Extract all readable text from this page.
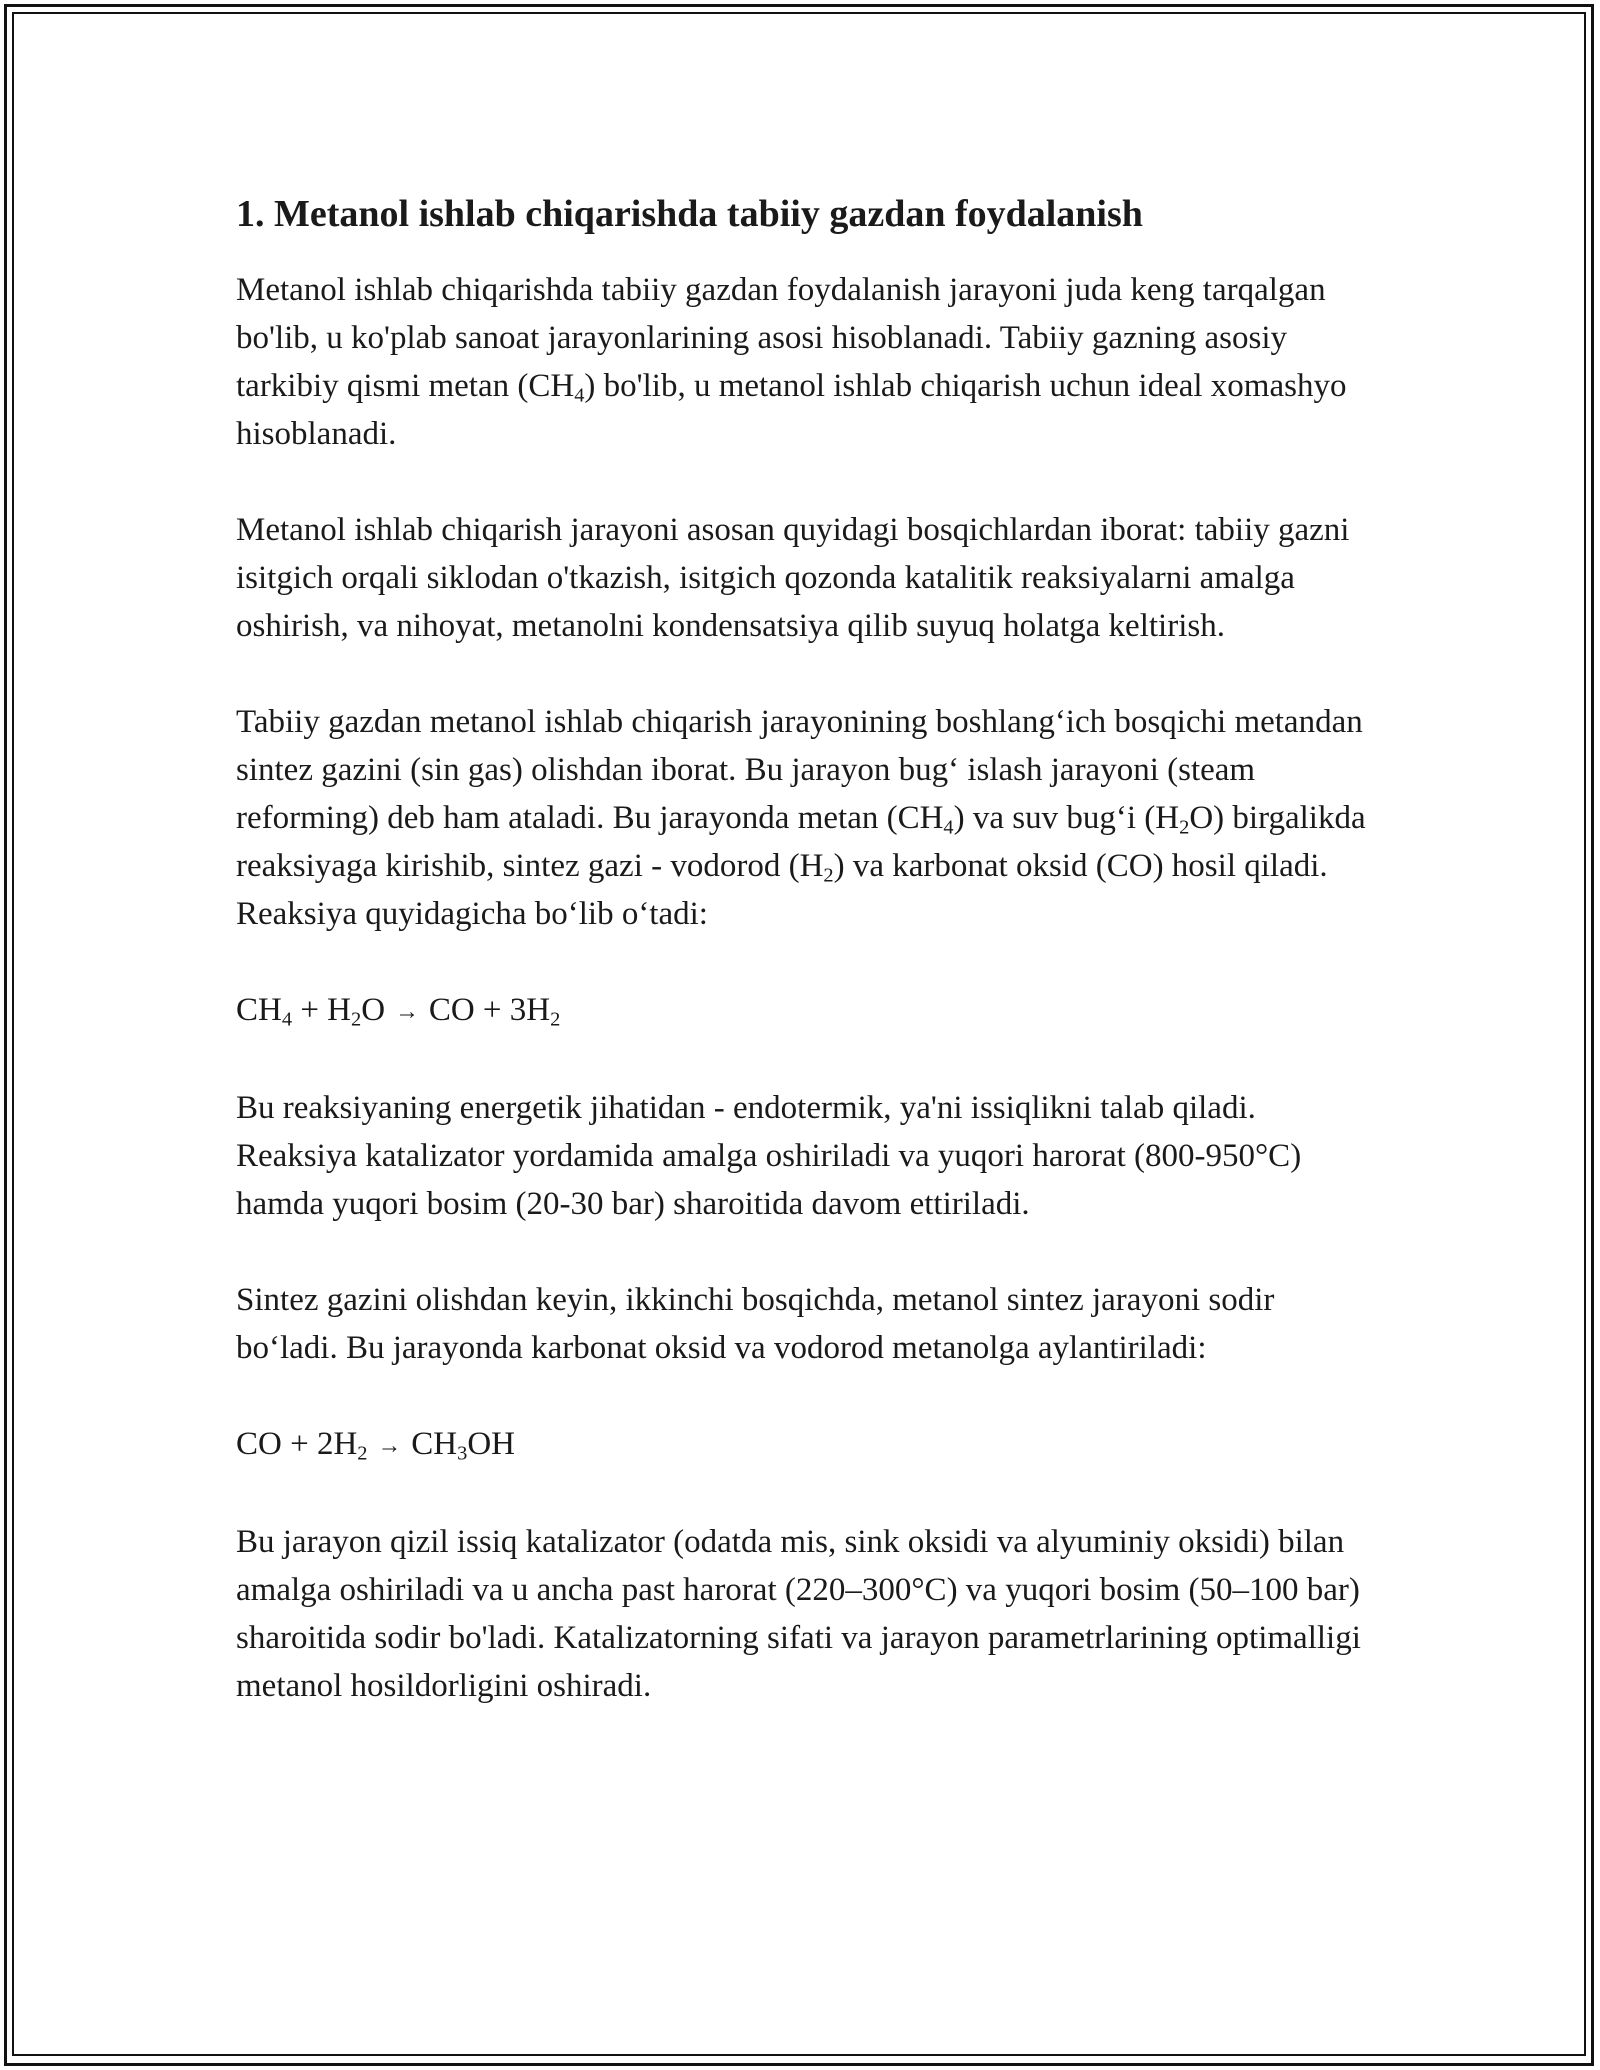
1. Metanol ishlab chiqarishda tabiiy gazdan foydalanish

Metanol ishlab chiqarishda tabiiy gazdan foydalanish jarayoni juda keng tarqalgan bo'lib, u ko'plab sanoat jarayonlarining asosi hisoblanadi. Tabiiy gazning asosiy tarkibiy qismi metan $(CH_4)$ bo'lib, u metanol ishlab chiqarish uchun ideal xomashyo hisoblanadi.

Metanol ishlab chiqarish jarayoni asosan quyidagi bosqichlardan iborat: tabiiy gazni isitgich orqali siklodan o'tkazish, isitgich qozonda katalitik reaksiyalarni amalga oshirish, va nihoyat, metanolni kondensatsiya qilib suyuq holatga keltirish.

Tabiiy gazdan metanol ishlab chiqarish jarayonining boshlang‘ich bosqichi metandan sintez gazini (sin gas) olishdan iborat. Bu jarayon bug‘ islash jarayoni (steam reforming) deb ham ataladi. Bu jarayonda metan $(CH_4)$ va suv bug‘i $(H_2O)$ birgalikda reaksiyaga kirishib, sintez gazi - vodorod $(H_2)$ va karbonat oksid (CO) hosil qiladi. Reaksiya quyidagicha bo‘lib o‘tadi:

$CH_4 + H_2O$ → CO + $3H_2$

Bu reaksiyaning energetik jihatidan - endotermik, ya'ni issiqlikni talab qiladi. Reaksiya katalizator yordamida amalga oshiriladi va yuqori harorat (800-950°C) hamda yuqori bosim (20-30 bar) sharoitida davom ettiriladi.

Sintez gazini olishdan keyin, ikkinchi bosqichda, metanol sintez jarayoni sodir bo‘ladi. Bu jarayonda karbonat oksid va vodorod metanolga aylantiriladi:

CO + $2H_2 \to CH_3OH$

Bu jarayon qizil issiq katalizator (odatda mis, sink oksidi va alyuminiy oksidi) bilan amalga oshiriladi va u ancha past harorat (220–300°C) va yuqori bosim (50–100 bar) sharoitida sodir bo'ladi. Katalizatorning sifati va jarayon parametrlarining optimalligi metanol hosildorligini oshiradi.
